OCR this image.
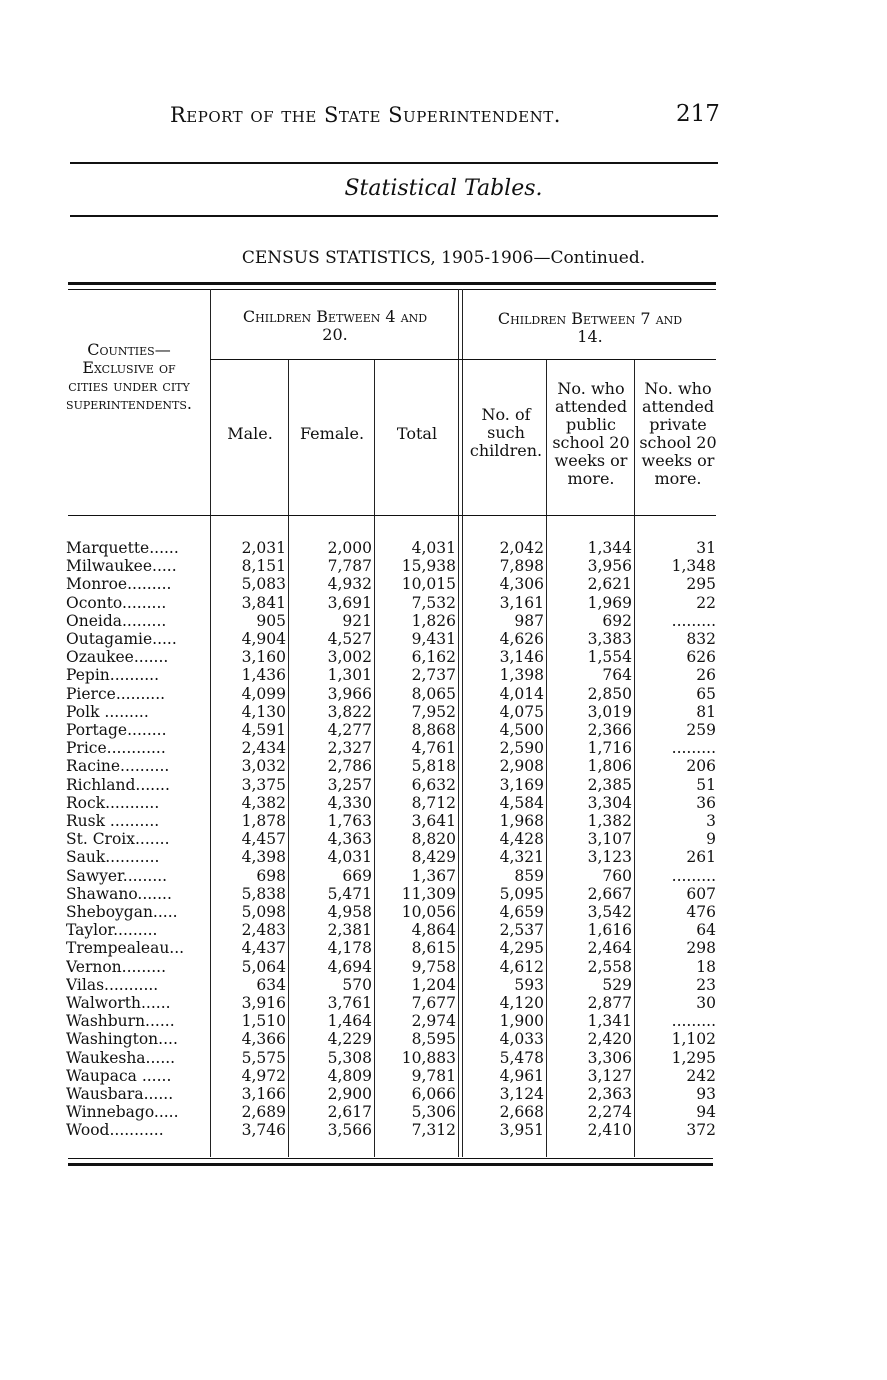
Report of the State Superintendent.	217
Statistical Tables.
CENSUS STATISTICS, 1905-1906—Continued.
Counties— Exclusive of cities under city superintendents.
Children Between 4 and 20.
Children Between 7 and 14.
Male.	Female.	Total
No. of such children.
No. who attended public school 20 weeks or more.
No. who attended private school 20 weeks or more.
Marquette......	2,031	2,000	4,031	2,042	1,344	31
Milwaukee.....	8,151	7,787	15,938	7,898	3,956	1,348
Monroe.........	5,083	4,932	10,015	4,306	2,621	295
Oconto.........	3,841	3,691	7,532	3,161	1,969	22
Oneida.........	905	921	1,826	987	692	.........
Outagamie.....	4,904	4,527	9,431	4,626	3,383	832
Ozaukee.......	3,160	3,002	6,162	3,146	1,554	626
Pepin..........	1,436	1,301	2,737	1,398	764	26
Pierce..........	4,099	3,966	8,065	4,014	2,850	65
Polk .........	4,130	3,822	7,952	4,075	3,019	81
Portage........	4,591	4,277	8,868	4,500	2,366	259
Price............	2,434	2,327	4,761	2,590	1,716	.........
Racine..........	3,032	2,786	5,818	2,908	1,806	206
Richland.......	3,375	3,257	6,632	3,169	2,385	51
Rock...........	4,382	4,330	8,712	4,584	3,304	36
Rusk ..........	1,878	1,763	3,641	1,968	1,382	3
St. Croix.......	4,457	4,363	8,820	4,428	3,107	9
Sauk...........	4,398	4,031	8,429	4,321	3,123	261
Sawyer.........	698	669	1,367	859	760	.........
Shawano.......	5,838	5,471	11,309	5,095	2,667	607
Sheboygan.....	5,098	4,958	10,056	4,659	3,542	476
Taylor.........	2,483	2,381	4,864	2,537	1,616	64
Trempealeau...	4,437	4,178	8,615	4,295	2,464	298
Vernon.........	5,064	4,694	9,758	4,612	2,558	18
Vilas...........	634	570	1,204	593	529	23
Walworth......	3,916	3,761	7,677	4,120	2,877	30
Washburn......	1,510	1,464	2,974	1,900	1,341	.........
Washington....	4,366	4,229	8,595	4,033	2,420	1,102
Waukesha......	5,575	5,308	10,883	5,478	3,306	1,295
Waupaca ......	4,972	4,809	9,781	4,961	3,127	242
Wausbara......	3,166	2,900	6,066	3,124	2,363	93
Winnebago.....	2,689	2,617	5,306	2,668	2,274	94
Wood...........	3,746	3,566	7,312	3,951	2,410	372
